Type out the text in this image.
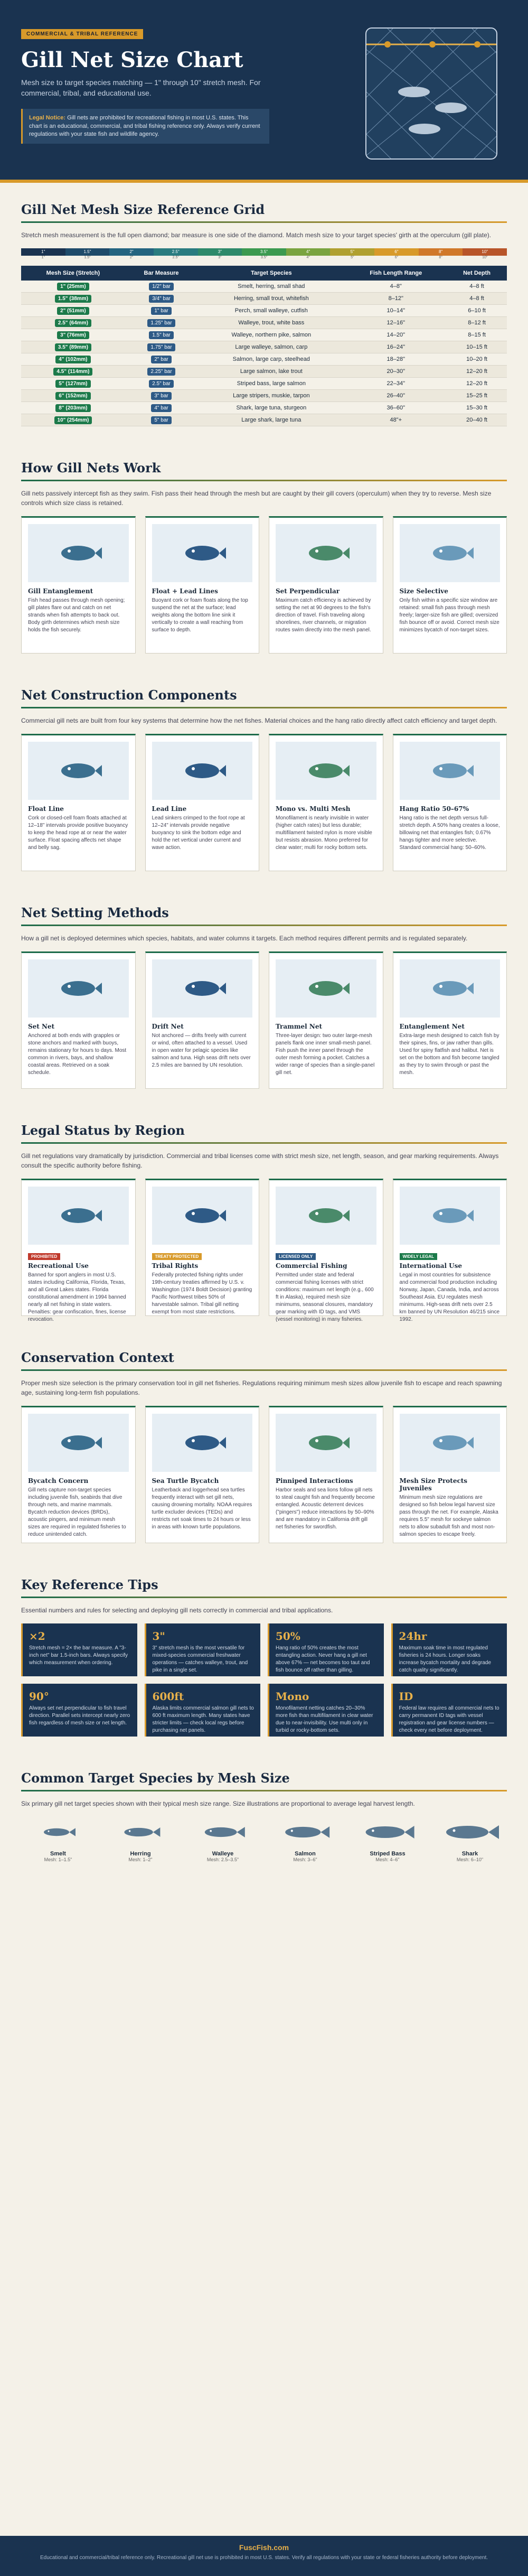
COMMERCIAL & TRIBAL REFERENCE
Gill Net Size Chart
Mesh size to target species matching — 1" through 10" stretch mesh. For commercial, tribal, and educational use.
Legal Notice: Gill nets are prohibited for recreational fishing in most U.S. states. This chart is an educational, commercial, and tribal fishing reference only. Always verify current regulations with your state fish and wildlife agency.
Gill Net Mesh Size Reference Grid

Stretch mesh measurement is the full open diamond; bar measure is one side of the diamond. Match mesh size to your target species' girth at the operculum (gill plate).

1"	1.5"	2"	2.5"	3"	3.5"	4"	5"	6"	8"	10"
1"	1.5"	2"	2.5"	3"	3.5"	4"	5"	6"	8"	10"
Mesh Size (Stretch)	Bar Measure	Target Species	Fish Length Range	Net Depth
1" (25mm)	1/2" bar	Smelt, herring, small shad	4–8"	4–8 ft
1.5" (38mm)	3/4" bar	Herring, small trout, whitefish	8–12"	4–8 ft
2" (51mm)	1" bar	Perch, small walleye, cutfish	10–14"	6–10 ft
2.5" (64mm)	1.25" bar	Walleye, trout, white bass	12–16"	8–12 ft
3" (76mm)	1.5" bar	Walleye, northern pike, salmon	14–20"	8–15 ft
3.5" (89mm)	1.75" bar	Large walleye, salmon, carp	16–24"	10–15 ft
4" (102mm)	2" bar	Salmon, large carp, steelhead	18–28"	10–20 ft
4.5" (114mm)	2.25" bar	Large salmon, lake trout	20–30"	12–20 ft
5" (127mm)	2.5" bar	Striped bass, large salmon	22–34"	12–20 ft
6" (152mm)	3" bar	Large stripers, muskie, tarpon	26–40"	15–25 ft
8" (203mm)	4" bar	Shark, large tuna, sturgeon	36–60"	15–30 ft
10" (254mm)	5" bar	Large shark, large tuna	48"+	20–40 ft
How Gill Nets Work

Gill nets passively intercept fish as they swim. Fish pass their head through the mesh but are caught by their gill covers (operculum) when they try to reverse. Mesh size controls which size class is retained.

Gill Entanglement

Fish head passes through mesh opening; gill plates flare out and catch on net strands when fish attempts to back out. Body girth determines which mesh size holds the fish securely.

Float + Lead Lines

Buoyant cork or foam floats along the top suspend the net at the surface; lead weights along the bottom line sink it vertically to create a wall reaching from surface to depth.

Set Perpendicular

Maximum catch efficiency is achieved by setting the net at 90 degrees to the fish's direction of travel. Fish traveling along shorelines, river channels, or migration routes swim directly into the mesh panel.

Size Selective

Only fish within a specific size window are retained: small fish pass through mesh freely; larger-size fish are gilled; oversized fish bounce off or avoid. Correct mesh size minimizes bycatch of non-target sizes.

Net Construction Components

Commercial gill nets are built from four key systems that determine how the net fishes. Material choices and the hang ratio directly affect catch efficiency and target depth.

Float Line

Cork or closed-cell foam floats attached at 12–18" intervals provide positive buoyancy to keep the head rope at or near the water surface. Float spacing affects net shape and belly sag.

Lead Line

Lead sinkers crimped to the foot rope at 12–24" intervals provide negative buoyancy to sink the bottom edge and hold the net vertical under current and wave action.

Mono vs. Multi Mesh

Monofilament is nearly invisible in water (higher catch rates) but less durable; multifilament twisted nylon is more visible but resists abrasion. Mono preferred for clear water; multi for rocky bottom sets.

Hang Ratio 50–67%

Hang ratio is the net depth versus full-stretch depth. A 50% hang creates a loose, billowing net that entangles fish; 0.67% hangs tighter and more selective. Standard commercial hang: 50–60%.

Net Setting Methods

How a gill net is deployed determines which species, habitats, and water columns it targets. Each method requires different permits and is regulated separately.

Set Net

Anchored at both ends with grapples or stone anchors and marked with buoys, remains stationary for hours to days. Most common in rivers, bays, and shallow coastal areas. Retrieved on a soak schedule.

Drift Net

Not anchored — drifts freely with current or wind, often attached to a vessel. Used in open water for pelagic species like salmon and tuna. High seas drift nets over 2.5 miles are banned by UN resolution.

Trammel Net

Three-layer design: two outer large-mesh panels flank one inner small-mesh panel. Fish push the inner panel through the outer mesh forming a pocket. Catches a wider range of species than a single-panel gill net.

Entanglement Net

Extra-large mesh designed to catch fish by their spines, fins, or jaw rather than gills. Used for spiny flatfish and halibut. Net is set on the bottom and fish become tangled as they try to swim through or past the mesh.

Legal Status by Region

Gill net regulations vary dramatically by jurisdiction. Commercial and tribal licenses come with strict mesh size, net length, season, and gear marking requirements. Always consult the specific authority before fishing.

PROHIBITED
Recreational Use

Banned for sport anglers in most U.S. states including California, Florida, Texas, and all Great Lakes states. Florida constitutional amendment in 1994 banned nearly all net fishing in state waters. Penalties: gear confiscation, fines, license revocation.

TREATY PROTECTED
Tribal Rights

Federally protected fishing rights under 19th-century treaties affirmed by U.S. v. Washington (1974 Boldt Decision) granting Pacific Northwest tribes 50% of harvestable salmon. Tribal gill netting exempt from most state restrictions.

LICENSED ONLY
Commercial Fishing

Permitted under state and federal commercial fishing licenses with strict conditions: maximum net length (e.g., 600 ft in Alaska), required mesh size minimums, seasonal closures, mandatory gear marking with ID tags, and VMS (vessel monitoring) in many fisheries.

WIDELY LEGAL
International Use

Legal in most countries for subsistence and commercial food production including Norway, Japan, Canada, India, and across Southeast Asia. EU regulates mesh minimums. High-seas drift nets over 2.5 km banned by UN Resolution 46/215 since 1992.

Conservation Context

Proper mesh size selection is the primary conservation tool in gill net fisheries. Regulations requiring minimum mesh sizes allow juvenile fish to escape and reach spawning age, sustaining long-term fish populations.

Bycatch Concern

Gill nets capture non-target species including juvenile fish, seabirds that dive through nets, and marine mammals. Bycatch reduction devices (BRDs), acoustic pingers, and minimum mesh sizes are required in regulated fisheries to reduce unintended catch.

Sea Turtle Bycatch

Leatherback and loggerhead sea turtles frequently interact with set gill nets, causing drowning mortality. NOAA requires turtle excluder devices (TEDs) and restricts net soak times to 24 hours or less in areas with known turtle populations.

Pinniped Interactions

Harbor seals and sea lions follow gill nets to steal caught fish and frequently become entangled. Acoustic deterrent devices ("pingers") reduce interactions by 50–90% and are mandatory in California drift gill net fisheries for swordfish.

Mesh Size Protects Juveniles

Minimum mesh size regulations are designed so fish below legal harvest size pass through the net. For example, Alaska requires 5.5" mesh for sockeye salmon nets to allow subadult fish and most non-salmon species to escape freely.

Key Reference Tips

Essential numbers and rules for selecting and deploying gill nets correctly in commercial and tribal applications.

×2

Stretch mesh = 2× the bar measure. A "3-inch net" bar 1.5-inch bars. Always specify which measurement when ordering.

3"

3" stretch mesh is the most versatile for mixed-species commercial freshwater operations — catches walleye, trout, and pike in a single set.

50%

Hang ratio of 50% creates the most entangling action. Never hang a gill net above 67% — net becomes too taut and fish bounce off rather than gilling.

24hr

Maximum soak time in most regulated fisheries is 24 hours. Longer soaks increase bycatch mortality and degrade catch quality significantly.

90°

Always set net perpendicular to fish travel direction. Parallel sets intercept nearly zero fish regardless of mesh size or net length.

600ft

Alaska limits commercial salmon gill nets to 600 ft maximum length. Many states have stricter limits — check local regs before purchasing net panels.

Mono

Monofilament netting catches 20–30% more fish than multifilament in clear water due to near-invisibility. Use multi only in turbid or rocky-bottom sets.

ID

Federal law requires all commercial nets to carry permanent ID tags with vessel registration and gear license numbers — check every net before deployment.

Common Target Species by Mesh Size

Six primary gill net target species shown with their typical mesh size range. Size illustrations are proportional to average legal harvest length.

Smelt
Mesh: 1–1.5"
Herring
Mesh: 1–2"
Walleye
Mesh: 2.5–3.5"
Salmon
Mesh: 3–6"
Striped Bass
Mesh: 4–6"
Shark
Mesh: 6–10"
FuscFish.com
Educational and commercial/tribal reference only. Recreational gill net use is prohibited in most U.S. states. Verify all regulations with your state or federal fisheries authority before deployment.
